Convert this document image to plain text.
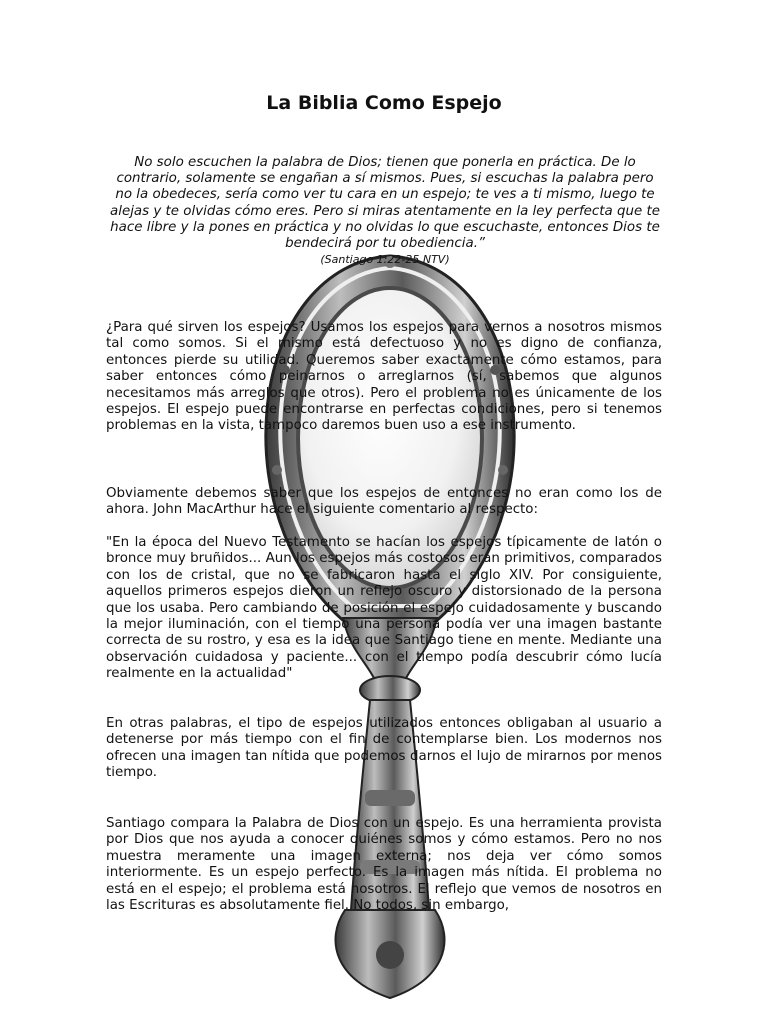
La Biblia Como Espejo
No solo escuchen la palabra de Dios; tienen que ponerla en práctica. De lo contrario, solamente se engañan a sí mismos. Pues, si escuchas la palabra pero no la obedeces, sería como ver tu cara en un espejo; te ves a ti mismo, luego te alejas y te olvidas cómo eres. Pero si miras atentamente en la ley perfecta que te hace libre y la pones en práctica y no olvidas lo que escuchaste, entonces Dios te bendecirá por tu obediencia.”
(Santiago 1:22-25 NTV)

¿Para qué sirven los espejos? Usamos los espejos para vernos a nosotros mismos tal como somos. Si el mismo está defectuoso y no es digno de confianza, entonces pierde su utilidad. Queremos saber exactamente cómo estamos, para saber entonces cómo peinarnos o arreglarnos (sí, sabemos que algunos necesitamos más arreglos que otros). Pero el problema no es únicamente de los espejos. El espejo puede encontrarse en perfectas condiciones, pero si tenemos problemas en la vista, tampoco daremos buen uso a ese instrumento.

Obviamente debemos saber que los espejos de entonces no eran como los de ahora. John MacArthur hace el siguiente comentario al respecto:

"En la época del Nuevo Testamento se hacían los espejos típicamente de latón o bronce muy bruñidos... Aun los espejos más costosos eran primitivos, comparados con los de cristal, que no se fabricaron hasta el siglo XIV. Por consiguiente, aquellos primeros espejos dieron un reflejo oscuro y distorsionado de la persona que los usaba. Pero cambiando de posición el espejo cuidadosamente y buscando la mejor iluminación, con el tiempo una persona podía ver una imagen bastante correcta de su rostro, y esa es la idea que Santiago tiene en mente. Mediante una observación cuidadosa y paciente... con el tiempo podía descubrir cómo lucía realmente en la actualidad"

En otras palabras, el tipo de espejos utilizados entonces obligaban al usuario a detenerse por más tiempo con el fin de contemplarse bien. Los modernos nos ofrecen una imagen tan nítida que podemos darnos el lujo de mirarnos por menos tiempo.

Santiago compara la Palabra de Dios con un espejo. Es una herramienta provista por Dios que nos ayuda a conocer quiénes somos y cómo estamos. Pero no nos muestra meramente una imagen externa; nos deja ver cómo somos interiormente. Es un espejo perfecto. Es la imagen más nítida. El problema no está en el espejo; el problema está nosotros. El reflejo que vemos de nosotros en las Escrituras es absolutamente fiel. No todos, sin embargo,
